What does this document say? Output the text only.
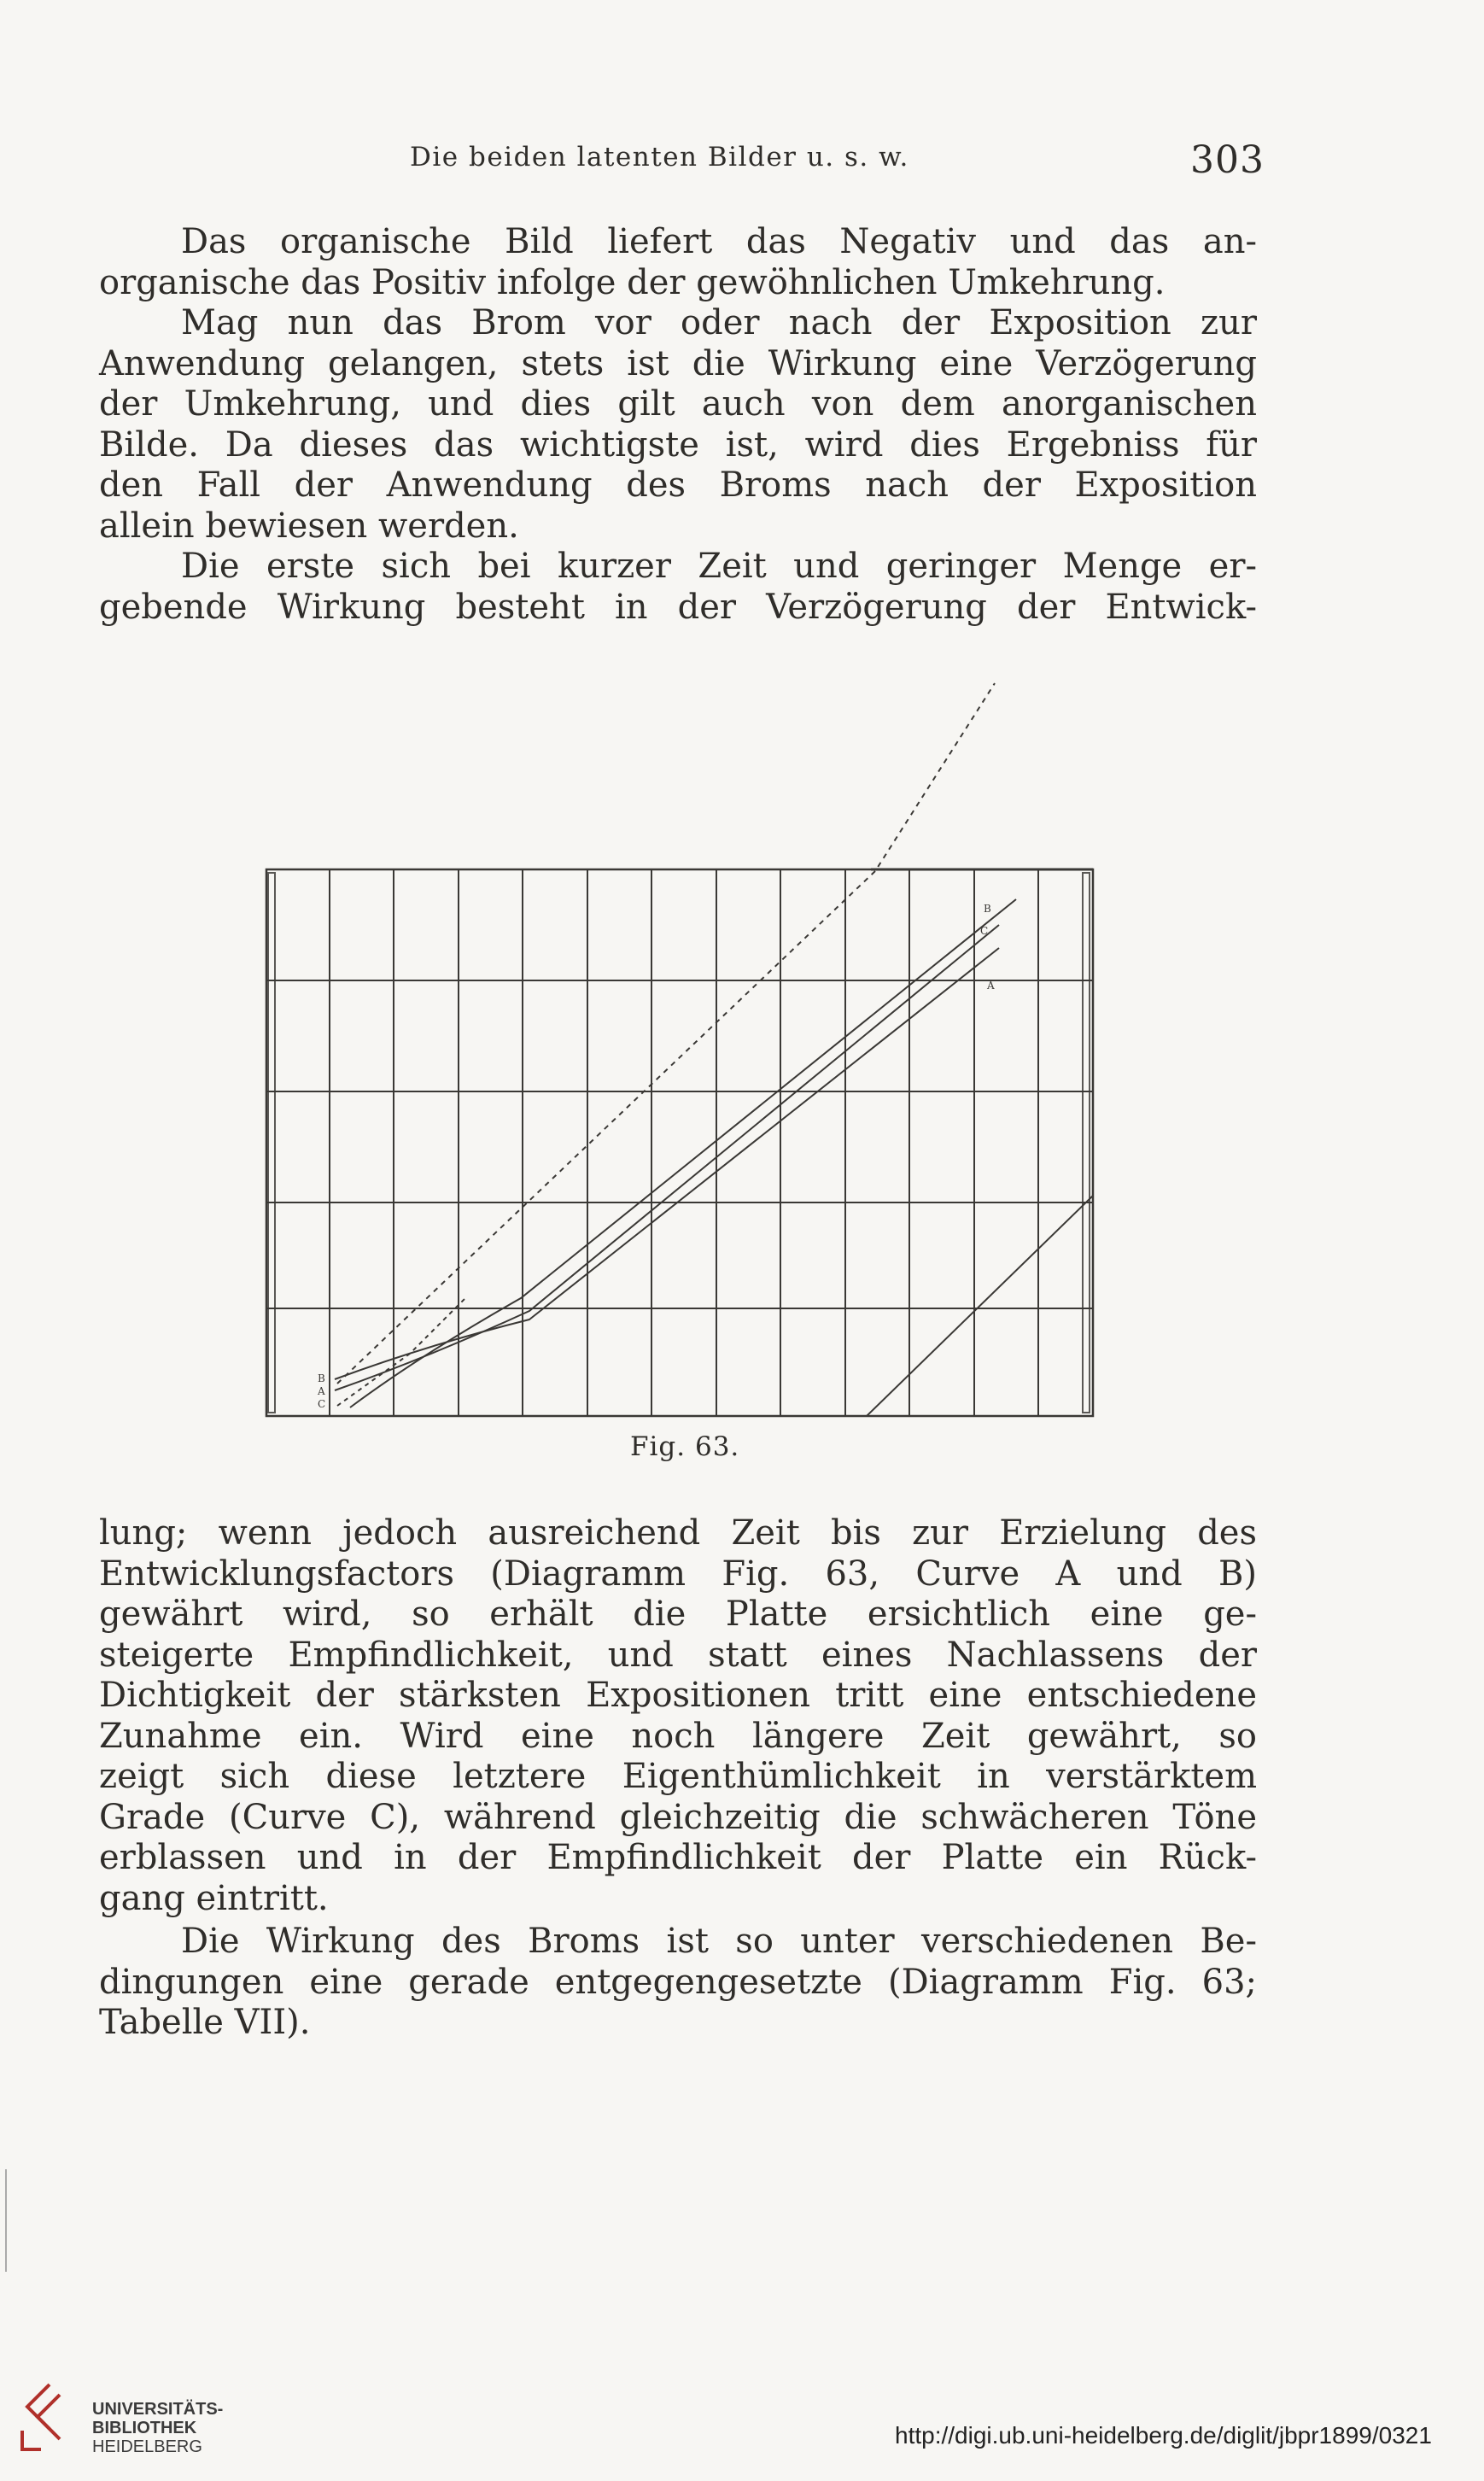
Die beiden latenten Bilder u. s. w.	303
Das organische Bild liefert das Negativ und das an-
organische das Positiv infolge der gewöhnlichen Umkehrung.
Mag nun das Brom vor oder nach der Exposition zur
Anwendung gelangen, stets ist die Wirkung eine Verzögerung
der Umkehrung, und dies gilt auch von dem anorganischen
Bilde. Da dieses das wichtigste ist, wird dies Ergebniss für
den Fall der Anwendung des Broms nach der Exposition
allein bewiesen werden.
Die erste sich bei kurzer Zeit und geringer Menge er-
gebende Wirkung besteht in der Verzögerung der Entwick-
B
A
C
B
A
C
Fig. 63.
lung; wenn jedoch ausreichend Zeit bis zur Erzielung des
Entwicklungsfactors (Diagramm Fig. 63, Curve A und B)
gewährt wird, so erhält die Platte ersichtlich eine ge-
steigerte Empfindlichkeit, und statt eines Nachlassens der
Dichtigkeit der stärksten Expositionen tritt eine entschiedene
Zunahme ein. Wird eine noch längere Zeit gewährt, so
zeigt sich diese letztere Eigenthümlichkeit in verstärktem
Grade (Curve C), während gleichzeitig die schwächeren Töne
erblassen und in der Empfindlichkeit der Platte ein Rück-
gang eintritt.
Die Wirkung des Broms ist so unter verschiedenen Be-
dingungen eine gerade entgegengesetzte (Diagramm Fig. 63;
Tabelle VII).
UNIVERSITÄTS-
BIBLIOTHEK
HEIDELBERG	http://digi.ub.uni-heidelberg.de/diglit/jbpr1899/0321
